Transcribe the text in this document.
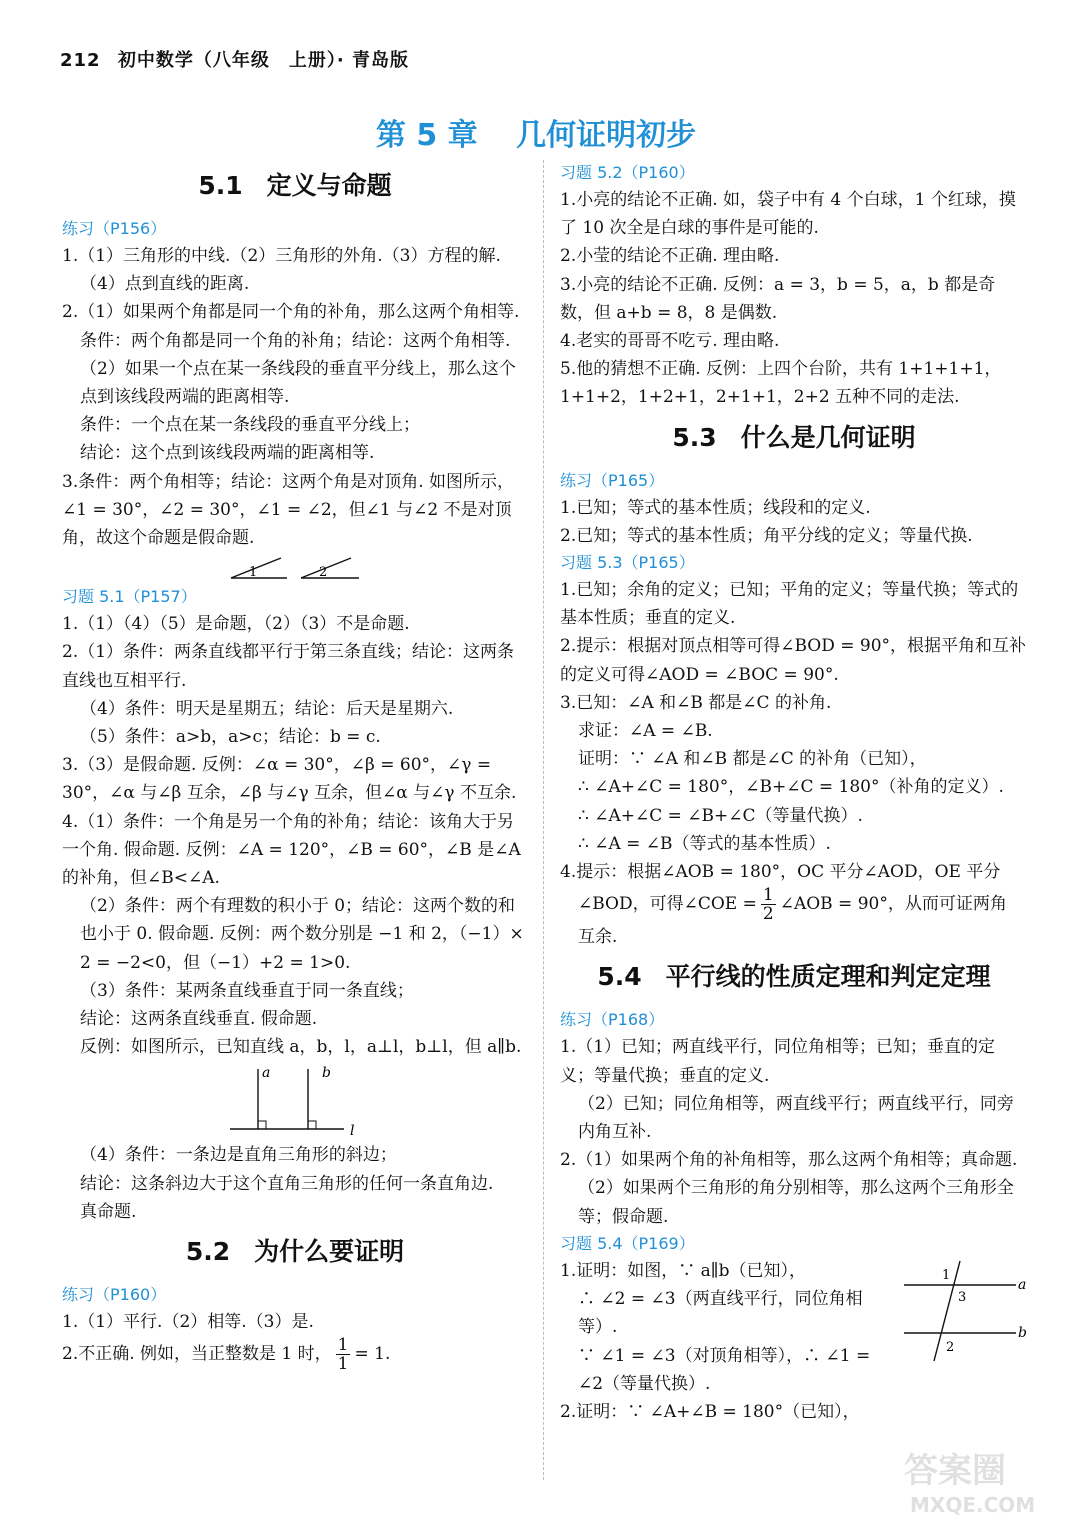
212 初中数学（八年级　上册）· 青岛版
第 5 章 几何证明初步
5.1 定义与命题
练习（P156）

1.（1）三角形的中线.（2）三角形的外角.（3）方程的解.

（4）点到直线的距离.

2.（1）如果两个角都是同一个角的补角，那么这两个角相等.

条件：两个角都是同一个角的补角；结论：这两个角相等.

（2）如果一个点在某一条线段的垂直平分线上，那么这个点到该线段两端的距离相等.

条件：一个点在某一条线段的垂直平分线上；

结论：这个点到该线段两端的距离相等.

3.条件：两个角相等；结论：这两个角是对顶角. 如图所示，∠1 = 30°，∠2 = 30°，∠1 = ∠2，但∠1 与∠2 不是对顶角，故这个命题是假命题.

1	2
习题 5.1（P157）

1.（1）（4）（5）是命题，（2）（3）不是命题.

2.（1）条件：两条直线都平行于第三条直线；结论：这两条直线也互相平行.

（4）条件：明天是星期五；结论：后天是星期六.

（5）条件：a>b，a>c；结论：b = c.

3.（3）是假命题. 反例：∠α = 30°，∠β = 60°，∠γ = 30°，∠α 与∠β 互余，∠β 与∠γ 互余，但∠α 与∠γ 不互余.

4.（1）条件：一个角是另一个角的补角；结论：该角大于另一个角. 假命题. 反例：∠A = 120°，∠B = 60°，∠B 是∠A 的补角，但∠B<∠A.

（2）条件：两个有理数的积小于 0；结论：这两个数的和也小于 0. 假命题. 反例：两个数分别是 −1 和 2，（−1）× 2 = −2<0，但（−1）+2 = 1>0.

（3）条件：某两条直线垂直于同一条直线；

结论：这两条直线垂直. 假命题.

反例：如图所示，已知直线 a，b，l，a⊥l，b⊥l，但 a∥b.

a	b
l

（4）条件：一条边是直角三角形的斜边；

结论：这条斜边大于这个直角三角形的任何一条直角边.

真命题.

5.2 为什么要证明
练习（P160）

1.（1）平行.（2）相等.（3）是.

2.不正确. 例如，当正整数是 1 时， $\frac{1}{1} = 1$.

习题 5.2（P160）

1.小亮的结论不正确. 如，袋子中有 4 个白球，1 个红球，摸了 10 次全是白球的事件是可能的.

2.小莹的结论不正确. 理由略.

3.小亮的结论不正确. 反例：a = 3，b = 5，a，b 都是奇数，但 a+b = 8，8 是偶数.

4.老实的哥哥不吃亏. 理由略.

5.他的猜想不正确. 反例：上四个台阶，共有 1+1+1+1，1+1+2，1+2+1，2+1+1，2+2 五种不同的走法.

5.3 什么是几何证明
练习（P165）

1.已知；等式的基本性质；线段和的定义.

2.已知；等式的基本性质；角平分线的定义；等量代换.

习题 5.3（P165）

1.已知；余角的定义；已知；平角的定义；等量代换；等式的基本性质；垂直的定义.

2.提示：根据对顶点相等可得∠BOD = 90°，根据平角和互补的定义可得∠AOD = ∠BOC = 90°.

3.已知：∠A 和∠B 都是∠C 的补角.

求证：∠A = ∠B.

证明：∵ ∠A 和∠B 都是∠C 的补角（已知），

∴ ∠A+∠C = 180°，∠B+∠C = 180°（补角的定义）.

∴ ∠A+∠C = ∠B+∠C（等量代换）.

∴ ∠A = ∠B（等式的基本性质）.

4.提示：根据∠AOB = 180°，OC 平分∠AOD，OE 平分

∠BOD，可得∠COE = $\frac{1}{2}$ ∠AOB = 90°，从而可证两角

互余.

5.4 平行线的性质定理和判定定理
练习（P168）

1.（1）已知；两直线平行，同位角相等；已知；垂直的定义；等量代换；垂直的定义.

（2）已知；同位角相等，两直线平行；两直线平行，同旁内角互补.

2.（1）如果两个角的补角相等，那么这两个角相等；真命题.

（2）如果两个三角形的角分别相等，那么这两个三角形全等；假命题.

习题 5.4（P169）

1.证明：如图，∵ a∥b（已知），

∴ ∠2 = ∠3（两直线平行，同位角相等）.

∵ ∠1 = ∠3（对顶角相等），∴ ∠1 = ∠2（等量代换）.

1
3
2
a
b

2.证明：∵ ∠A+∠B = 180°（已知），

答案圈
MXQE.COM
